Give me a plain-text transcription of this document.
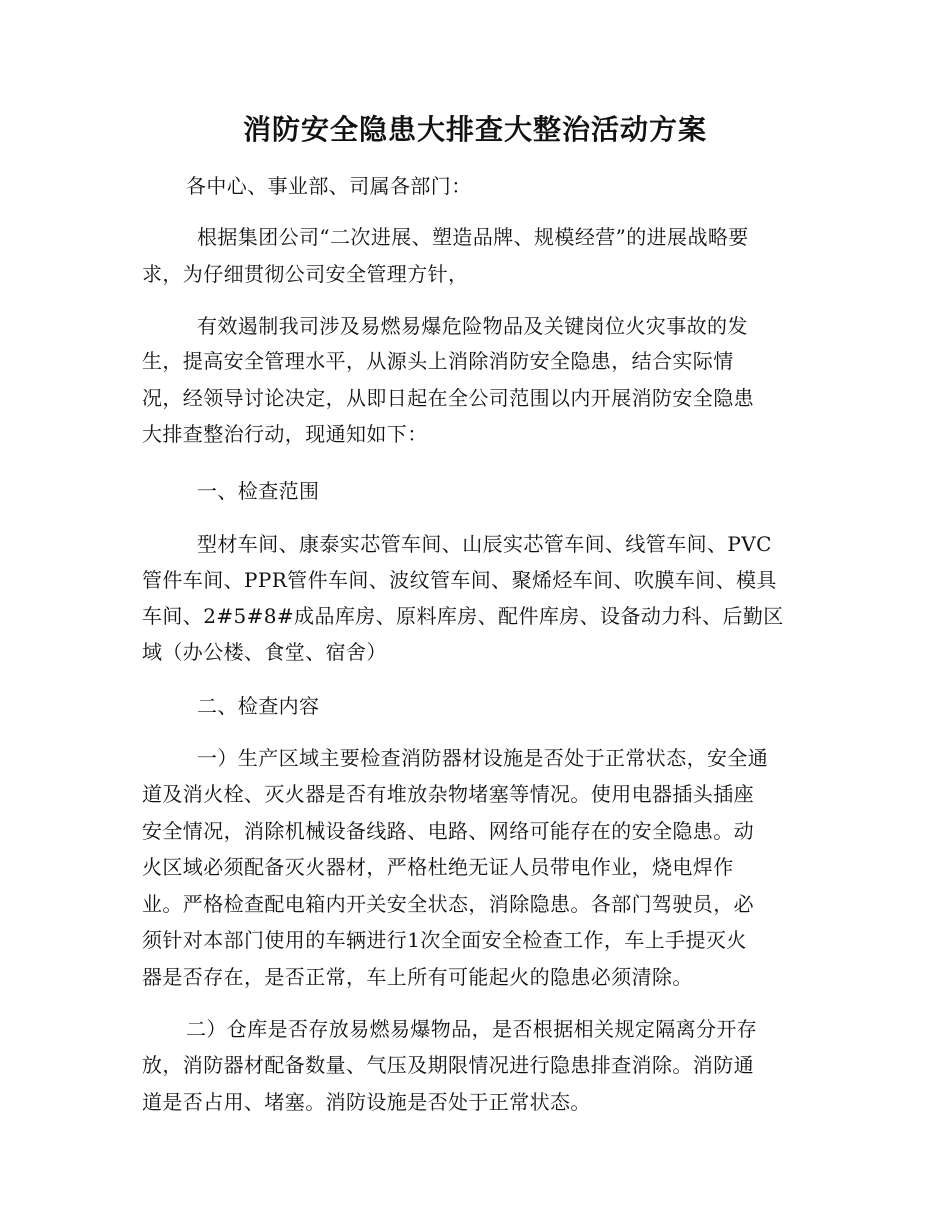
消防安全隐患大排查大整治活动方案

各中心、事业部、司属各部门：

根据集团公司“二次进展、塑造品牌、规模经营”的进展战略要

求，为仔细贯彻公司安全管理方针，

有效遏制我司涉及易燃易爆危险物品及关键岗位火灾事故的发

生，提高安全管理水平，从源头上消除消防安全隐患，结合实际情

况，经领导讨论决定，从即日起在全公司范围以内开展消防安全隐患

大排查整治行动，现通知如下：

一、检查范围

型材车间、康泰实芯管车间、山辰实芯管车间、线管车间、PVC

管件车间、PPR管件车间、波纹管车间、聚烯烃车间、吹膜车间、模具

车间、2#5#8#成品库房、原料库房、配件库房、设备动力科、后勤区

域（办公楼、食堂、宿舍）

二、检查内容

一）生产区域主要检查消防器材设施是否处于正常状态，安全通

道及消火栓、灭火器是否有堆放杂物堵塞等情况。使用电器插头插座

安全情况，消除机械设备线路、电路、网络可能存在的安全隐患。动

火区域必须配备灭火器材，严格杜绝无证人员带电作业，烧电焊作

业。严格检查配电箱内开关安全状态，消除隐患。各部门驾驶员，必

须针对本部门使用的车辆进行1次全面安全检查工作，车上手提灭火

器是否存在，是否正常，车上所有可能起火的隐患必须清除。

二）仓库是否存放易燃易爆物品，是否根据相关规定隔离分开存

放，消防器材配备数量、气压及期限情况进行隐患排查消除。消防通

道是否占用、堵塞。消防设施是否处于正常状态。
